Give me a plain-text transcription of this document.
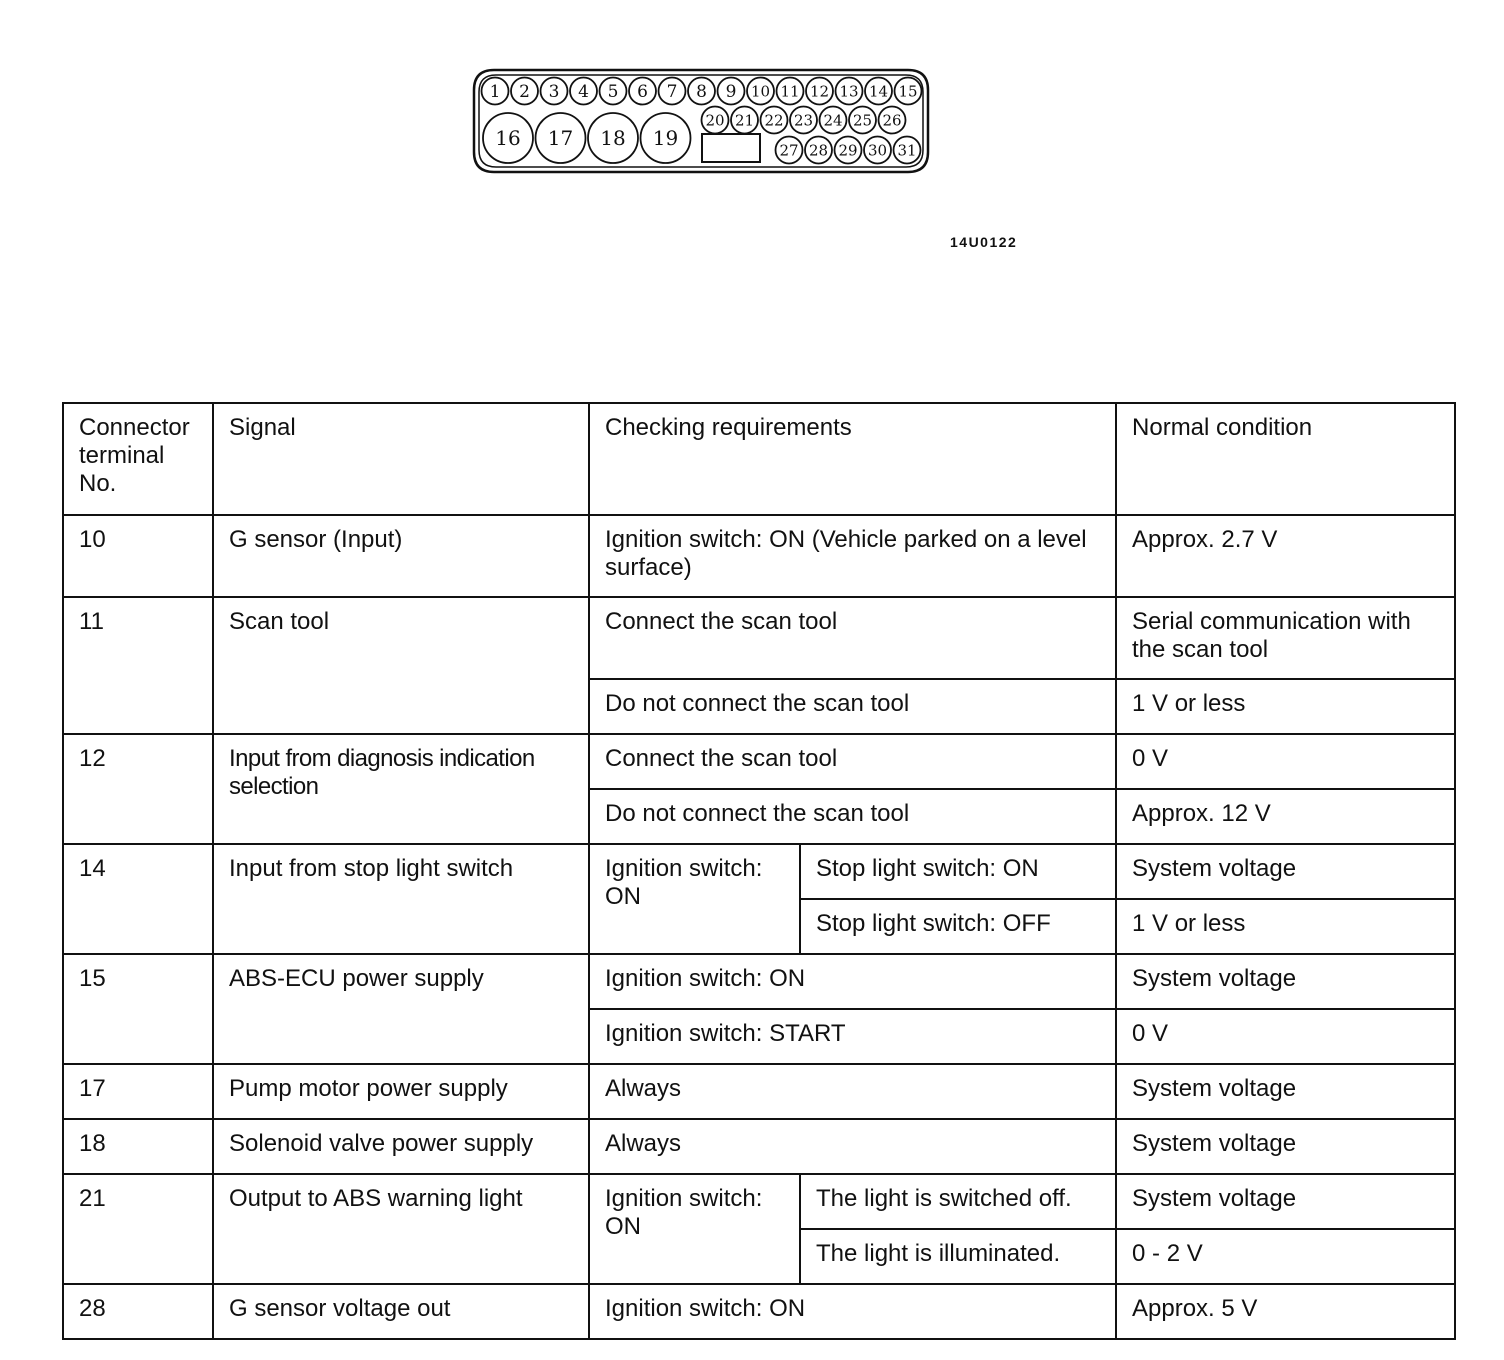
1 2 3 4 5 6 7 8 9 10 11 12 13 14 15
16 17 18 19
20 21 22 23 24 25 26
27 28 29 30 31
14U0122
Connector terminal No.	Signal	Checking requirements		Normal condition
10	G sensor (Input)	Ignition switch: ON (Vehicle parked on a level surface)		Approx. 2.7 V
11	Scan tool	Connect the scan tool		Serial communication with the scan tool
		Do not connect the scan tool		1 V or less
12	Input from diagnosis indication selection	Connect the scan tool		0 V
		Do not connect the scan tool		Approx. 12 V
14	Input from stop light switch	Ignition switch: ON	Stop light switch: ON	System voltage
			Stop light switch: OFF	1 V or less
15	ABS-ECU power supply	Ignition switch: ON		System voltage
		Ignition switch: START		0 V
17	Pump motor power supply	Always		System voltage
18	Solenoid valve power supply	Always		System voltage
21	Output to ABS warning light	Ignition switch: ON	The light is switched off.	System voltage
			The light is illuminated.	0 - 2 V
28	G sensor voltage out	Ignition switch: ON		Approx. 5 V
